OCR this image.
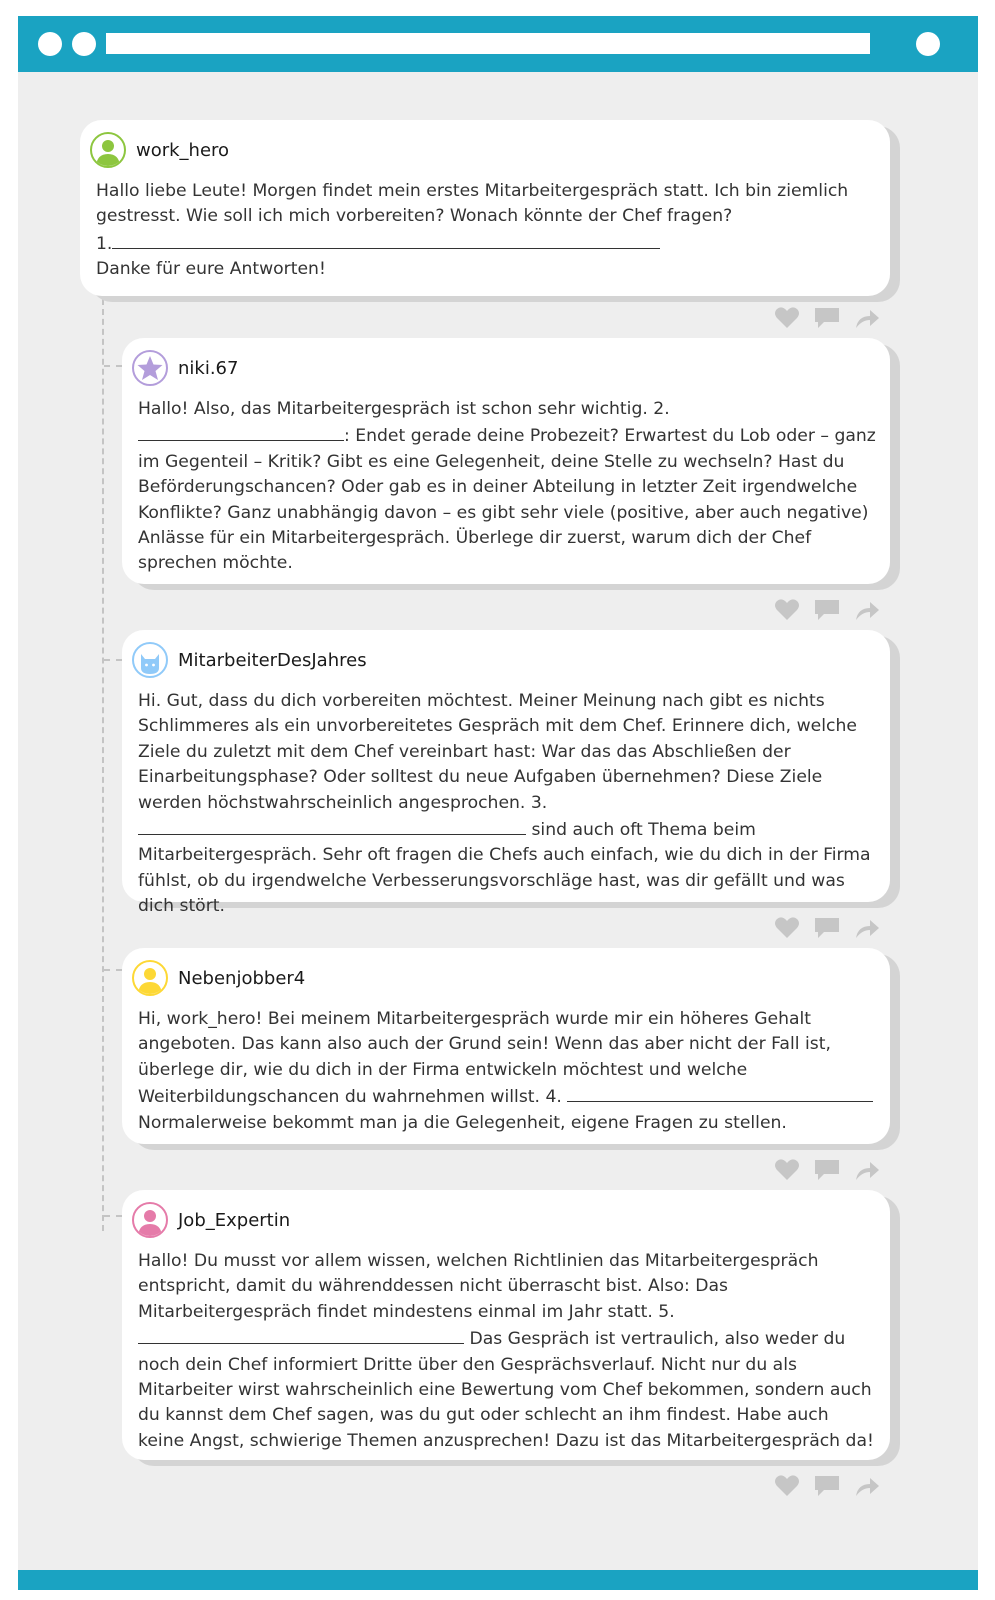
work_hero

Hallo liebe Leute! Morgen findet mein erstes Mitarbeitergespräch statt. Ich bin ziemlich gestresst. Wie soll ich mich vorbereiten? Wonach könnte der Chef fragen?

1.

Danke für eure Antworten!

niki.67

Hallo! Also, das Mitarbeitergespräch ist schon sehr wichtig. 2. : Endet gerade deine Probezeit? Erwartest du Lob oder – ganz im Gegenteil – Kritik? Gibt es eine Gelegenheit, deine Stelle zu wechseln? Hast du Beförderungschancen? Oder gab es in deiner Abteilung in letzter Zeit irgendwelche Konflikte? Ganz unabhängig davon – es gibt sehr viele (positive, aber auch negative) Anlässe für ein Mitarbeitergespräch. Überlege dir zuerst, warum dich der Chef sprechen möchte.

MitarbeiterDesJahres

Hi. Gut, dass du dich vorbereiten möchtest. Meiner Meinung nach gibt es nichts Schlimmeres als ein unvorbereitetes Gespräch mit dem Chef. Erinnere dich, welche Ziele du zuletzt mit dem Chef vereinbart hast: War das das Abschließen der Einarbeitungsphase? Oder solltest du neue Aufgaben übernehmen? Diese Ziele werden höchstwahrscheinlich angesprochen. 3.  sind auch oft Thema beim Mitarbeitergespräch. Sehr oft fragen die Chefs auch einfach, wie du dich in der Firma fühlst, ob du irgendwelche Verbesserungsvorschläge hast, was dir gefällt und was dich stört.

Nebenjobber4

Hi, work_hero! Bei meinem Mitarbeitergespräch wurde mir ein höheres Gehalt angeboten. Das kann also auch der Grund sein! Wenn das aber nicht der Fall ist, überlege dir, wie du dich in der Firma entwickeln möchtest und welche Weiterbildungschancen du wahrnehmen willst. 4.  Normalerweise bekommt man ja die Gelegenheit, eigene Fragen zu stellen.

Job_Expertin

Hallo! Du musst vor allem wissen, welchen Richtlinien das Mitarbeitergespräch entspricht, damit du währenddessen nicht überrascht bist. Also: Das Mitarbeitergespräch findet mindestens einmal im Jahr statt. 5.  Das Gespräch ist vertraulich, also weder du noch dein Chef informiert Dritte über den Gesprächsverlauf. Nicht nur du als Mitarbeiter wirst wahrscheinlich eine Bewertung vom Chef bekommen, sondern auch du kannst dem Chef sagen, was du gut oder schlecht an ihm findest. Habe auch keine Angst, schwierige Themen anzusprechen! Dazu ist das Mitarbeitergespräch da!
